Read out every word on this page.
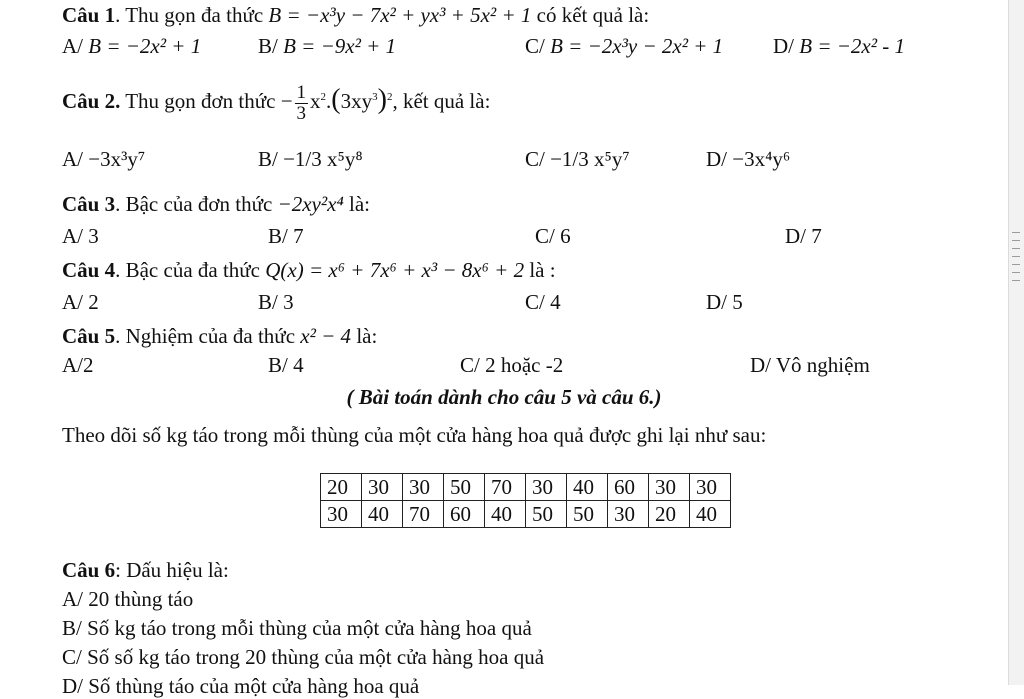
Câu 1. Thu gọn đa thức B = −x³y − 7x² + yx³ + 5x² + 1 có kết quả là:
A/ B = −2x² + 1	B/ B = −9x² + 1	C/ B = −2x³y − 2x² + 1 D/ B = −2x² - 1
Câu 2. Thu gọn đơn thức − $\frac{1}{3} x^2.(3xy^3)^2$, kết quả là:
A/ −3x³y⁷	B/ −1/3 x⁵y⁸	C/ −1/3 x⁵y⁷	D/ −3x⁴y⁶
Câu 3. Bậc của đơn thức −2xy²x⁴ là:
A/ 3	B/ 7	C/ 6	D/ 7
Câu 4. Bậc của đa thức Q(x) = x⁶ + 7x⁶ + x³ − 8x⁶ + 2 là :
A/ 2	B/ 3	C/ 4	D/ 5
Câu 5. Nghiệm của đa thức x² − 4 là:
A/2	B/ 4	C/ 2 hoặc -2	D/ Vô nghiệm
( Bài toán dành cho câu 5 và câu 6.)
Theo dõi số kg táo trong mỗi thùng của một cửa hàng hoa quả được ghi lại như sau:
20	30	30	50	70	30	40	60	30	30
30	40	70	60	40	50	50	30	20	40
Câu 6: Dấu hiệu là:
A/ 20 thùng táo
B/ Số kg táo trong mỗi thùng của một cửa hàng hoa quả
C/ Số số kg táo trong 20 thùng của một cửa hàng hoa quả
D/ Số thùng táo của một cửa hàng hoa quả
